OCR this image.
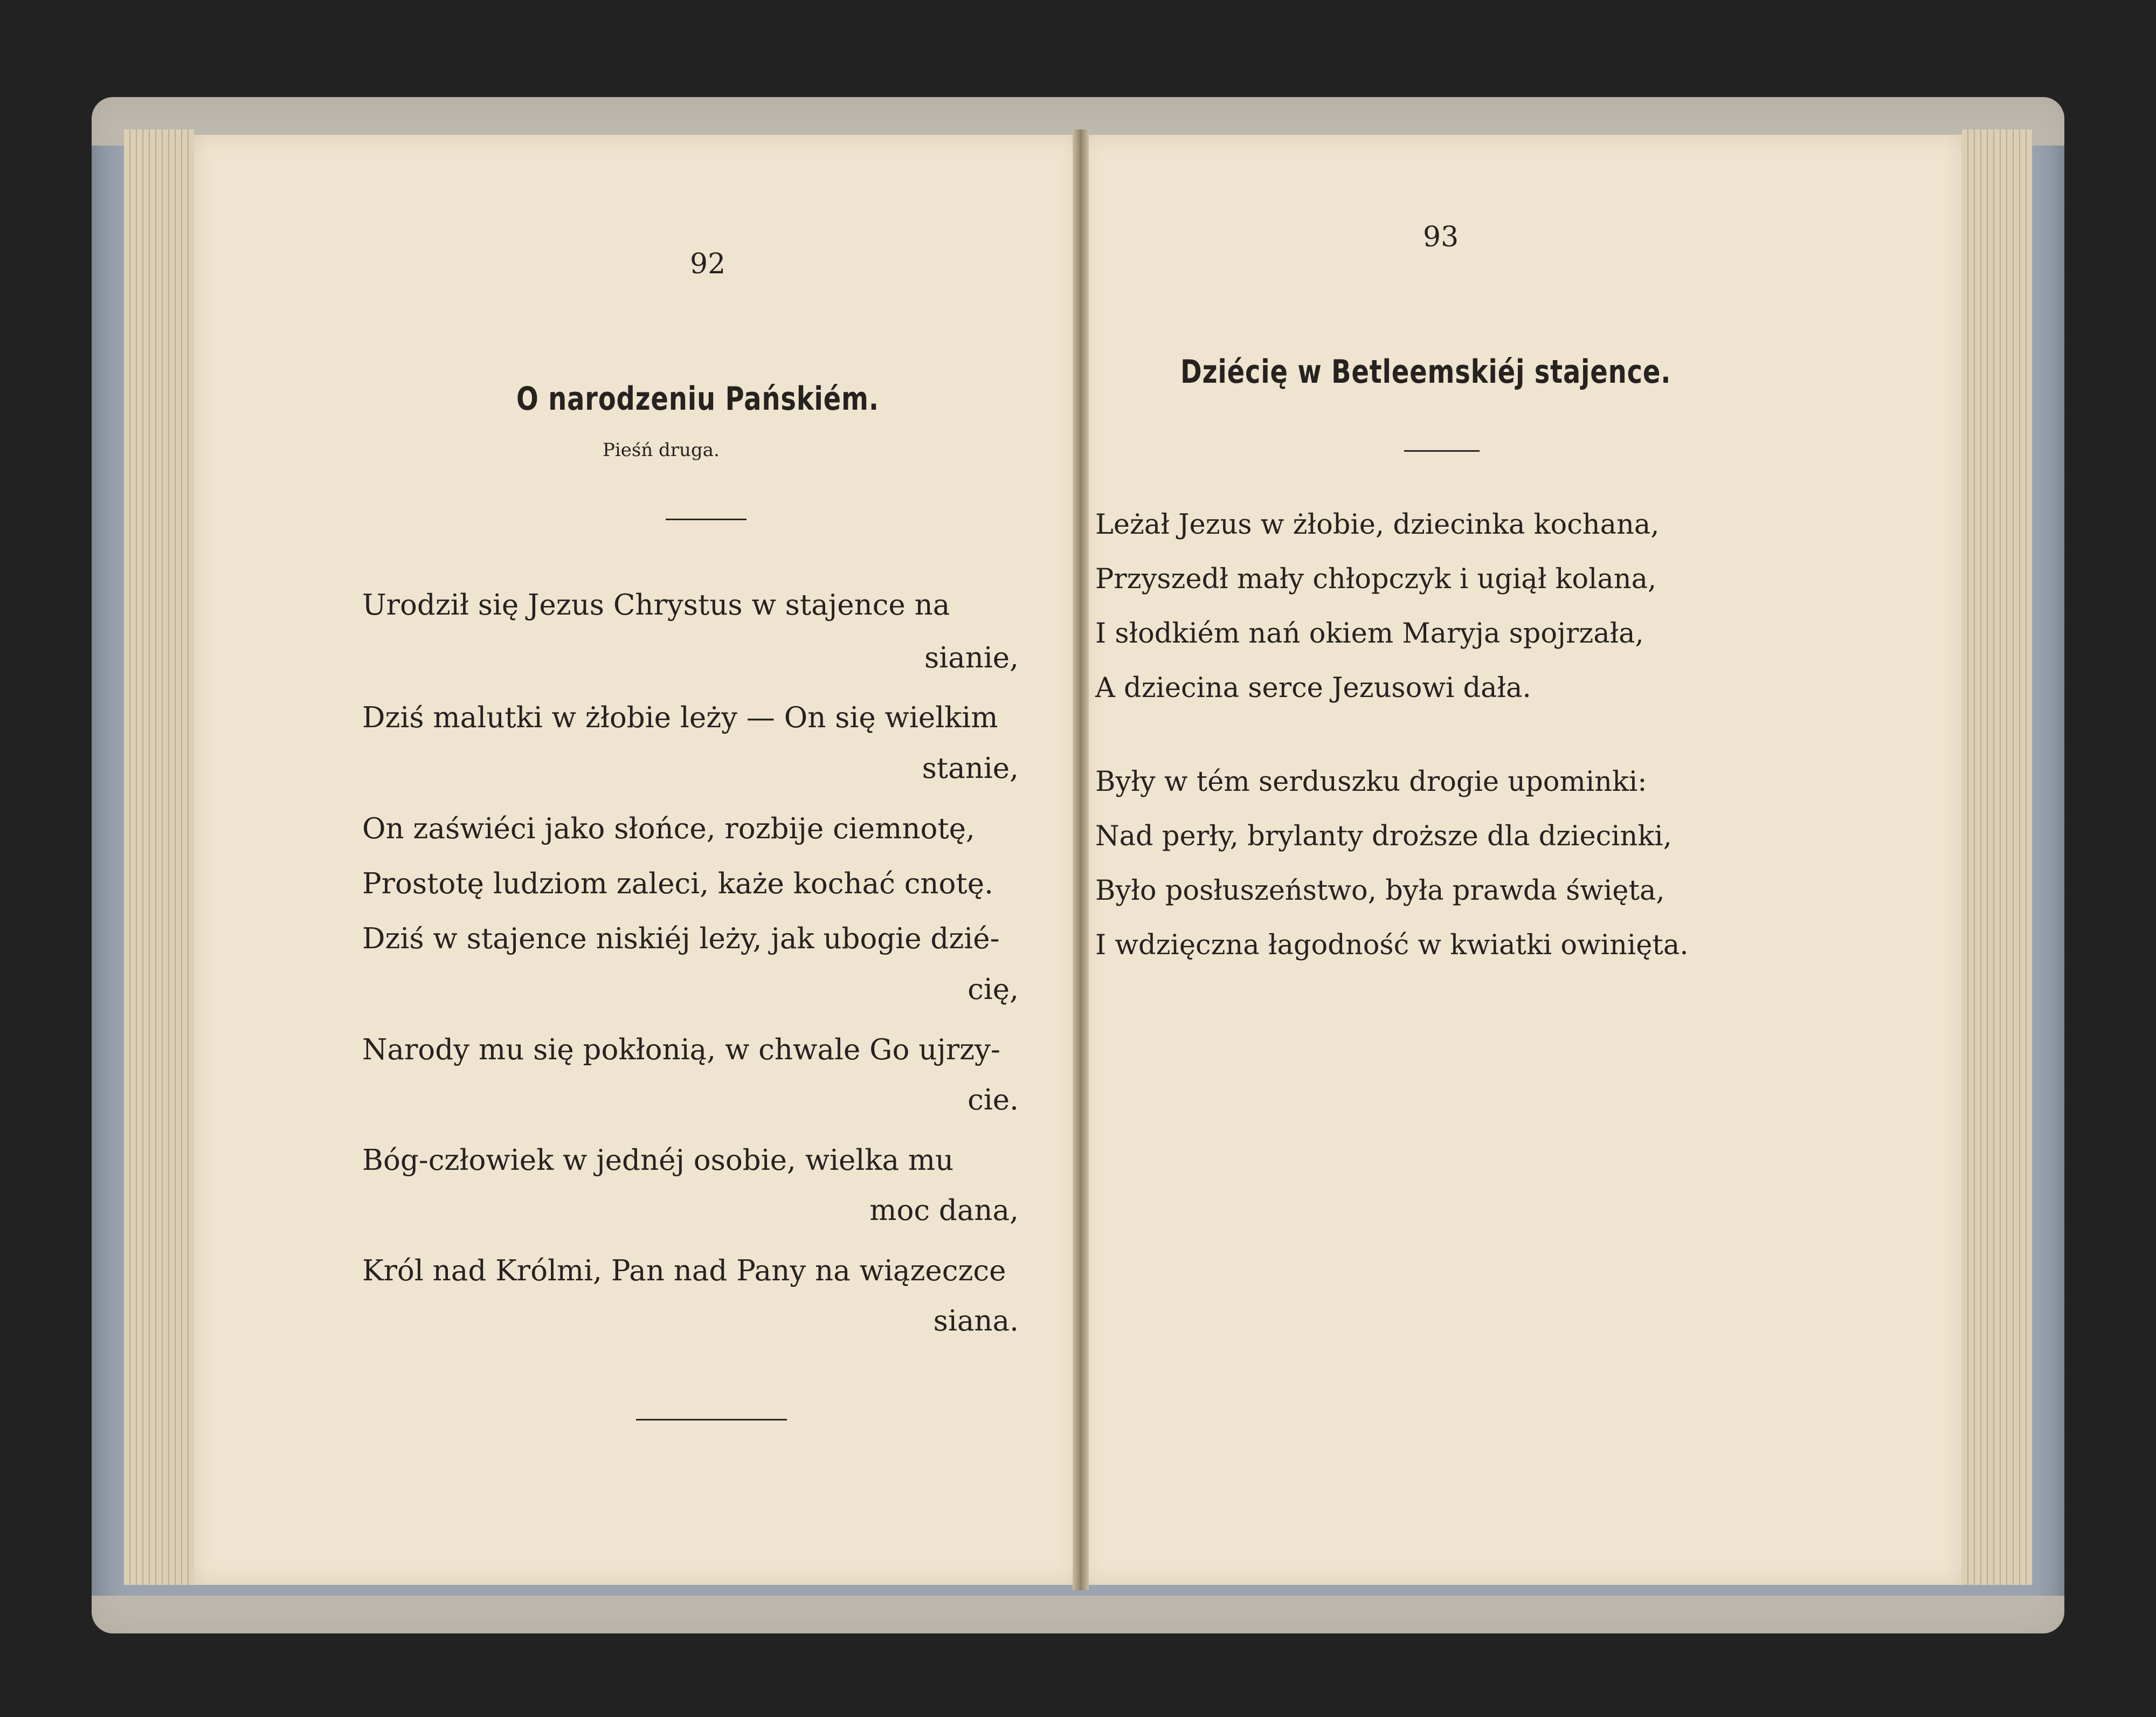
92
O narodzeniu Pańskiém.
Pieśń druga.
Urodził się Jezus Chrystus w stajence na
sianie,
Dziś malutki w żłobie leży — On się wielkim
stanie,
On zaświéci jako słońce, rozbije ciemnotę,
Prostotę ludziom zaleci, każe kochać cnotę.
Dziś w stajence niskiéj leży, jak ubogie dzié-
cię,
Narody mu się pokłonią, w chwale Go ujrzy-
cie.
Bóg-człowiek w jednéj osobie, wielka mu
moc dana,
Król nad Królmi, Pan nad Pany na wiązeczce
siana.
93
Dziécię w Betleemskiéj stajence.
Leżał Jezus w żłobie, dziecinka kochana,
Przyszedł mały chłopczyk i ugiął kolana,
I słodkiém nań okiem Maryja spojrzała,
A dziecina serce Jezusowi dała.
Były w tém serduszku drogie upominki:
Nad perły, brylanty droższe dla dziecinki,
Było posłuszeństwo, była prawda święta,
I wdzięczna łagodność w kwiatki owinięta.
